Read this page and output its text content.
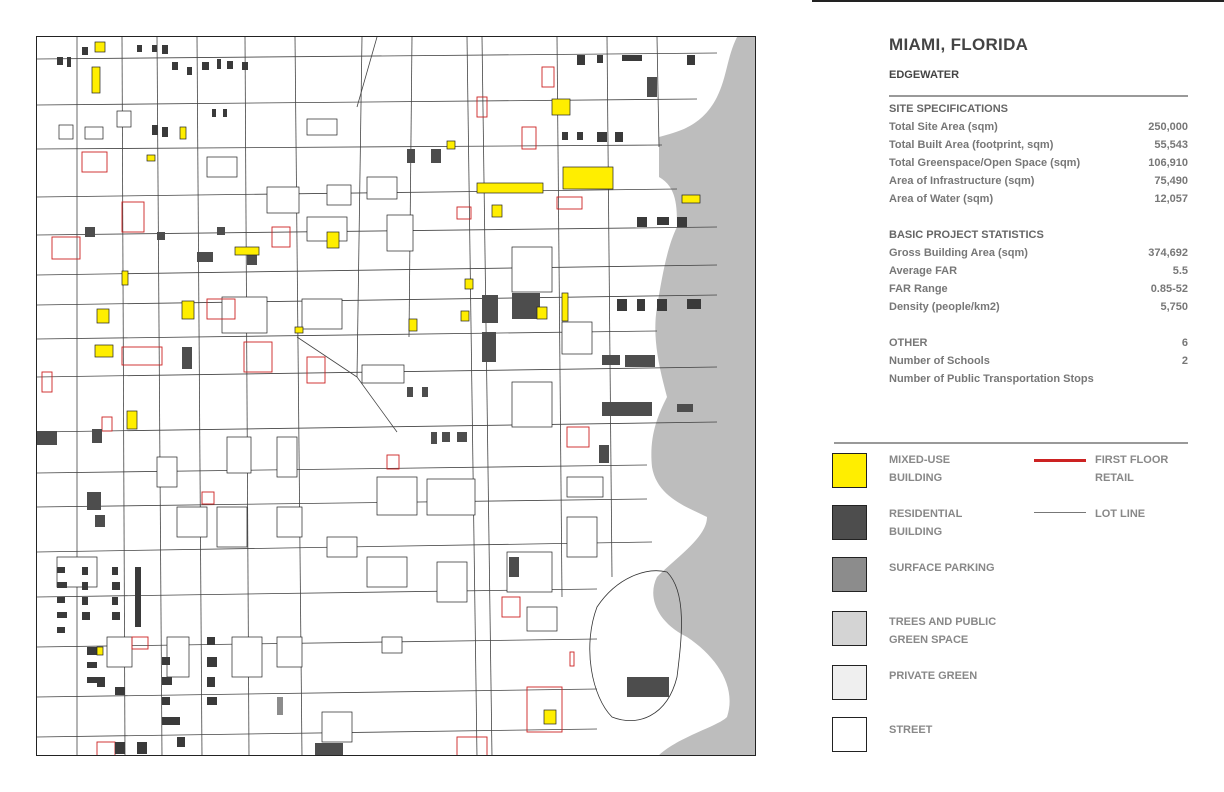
MIAMI, FLORIDA
EDGEWATER
SITE SPECIFICATIONS
Total Site Area (sqm)	250,000
Total Built Area (footprint, sqm)	55,543
Total Greenspace/Open Space (sqm)	106,910
Area of Infrastructure (sqm)	75,490
Area of Water (sqm)	12,057
BASIC PROJECT STATISTICS
Gross Building Area (sqm)	374,692
Average FAR	5.5
FAR Range	0.85-52
Density (people/km2)	5,750
OTHER	6
Number of Schools	2
Number of Public Transportation Stops
MIXED-USE
BUILDING
RESIDENTIAL
BUILDING
SURFACE PARKING
TREES AND PUBLIC
GREEN SPACE
PRIVATE GREEN
STREET
FIRST FLOOR
RETAIL
LOT LINE
